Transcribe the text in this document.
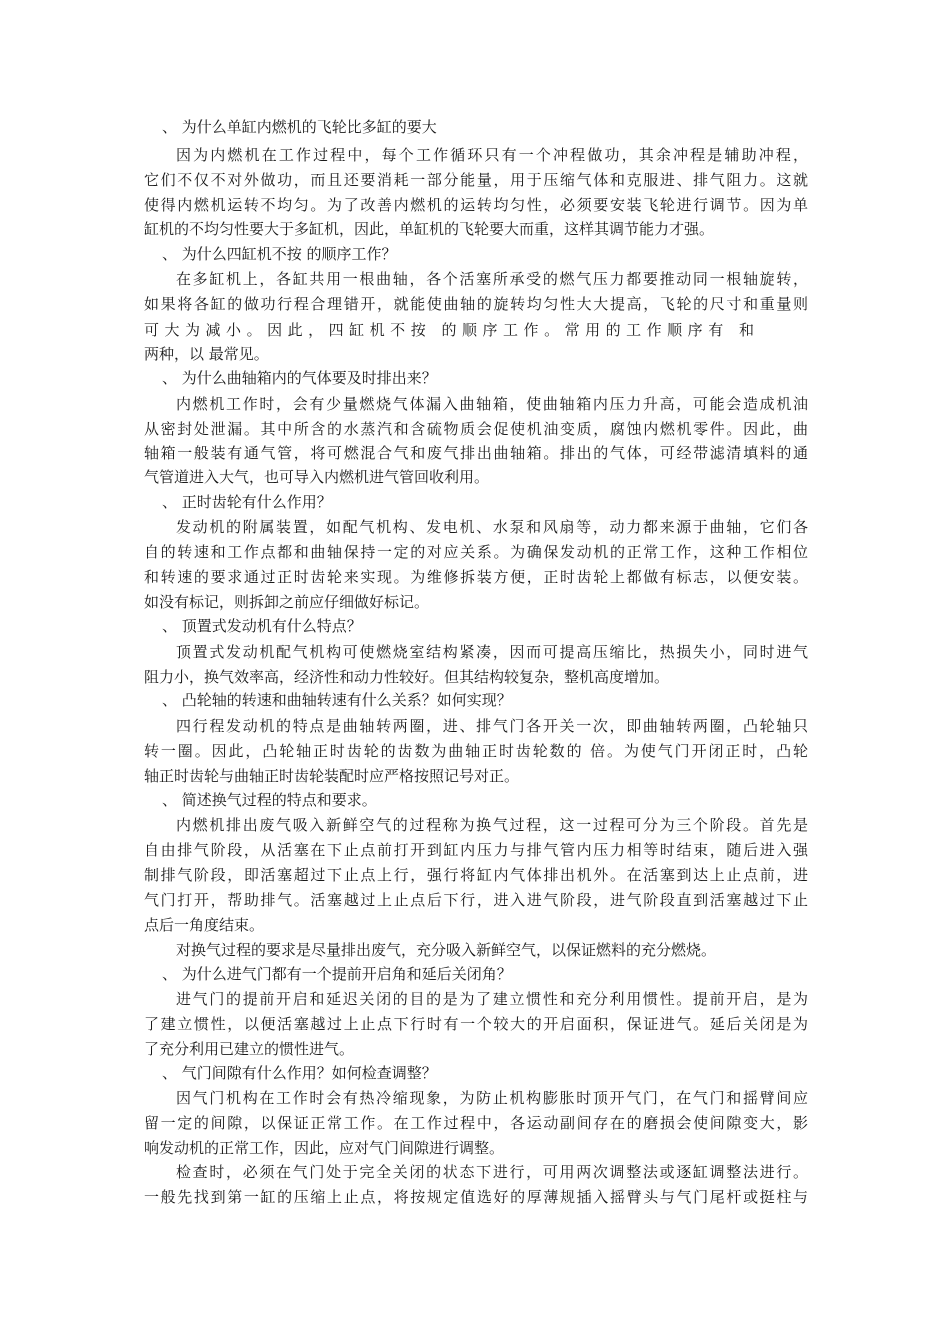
、 为什么单缸内燃机的飞轮比多缸的要大
因为内燃机在工作过程中，每个工作循环只有一个冲程做功，其余冲程是辅助冲程，
它们不仅不对外做功，而且还要消耗一部分能量，用于压缩气体和克服进、排气阻力。这就
使得内燃机运转不均匀。为了改善内燃机的运转均匀性，必须要安装飞轮进行调节。因为单
缸机的不均匀性要大于多缸机，因此，单缸机的飞轮要大而重，这样其调节能力才强。
、 为什么四缸机不按 的顺序工作？
在多缸机上，各缸共用一根曲轴，各个活塞所承受的燃气压力都要推动同一根轴旋转，
如果将各缸的做功行程合理错开，就能使曲轴的旋转均匀性大大提高，飞轮的尺寸和重量则
可大为减小。因此，四缸机不按 的顺序工作。常用的工作顺序有 和
两种，以 最常见。
、 为什么曲轴箱内的气体要及时排出来？
内燃机工作时，会有少量燃烧气体漏入曲轴箱，使曲轴箱内压力升高，可能会造成机油
从密封处泄漏。其中所含的水蒸汽和含硫物质会促使机油变质，腐蚀内燃机零件。因此，曲
轴箱一般装有通气管，将可燃混合气和废气排出曲轴箱。排出的气体，可经带滤清填料的通
气管道进入大气，也可导入内燃机进气管回收利用。
、 正时齿轮有什么作用？
发动机的附属装置，如配气机构、发电机、水泵和风扇等，动力都来源于曲轴，它们各
自的转速和工作点都和曲轴保持一定的对应关系。为确保发动机的正常工作，这种工作相位
和转速的要求通过正时齿轮来实现。为维修拆装方便，正时齿轮上都做有标志，以便安装。
如没有标记，则拆卸之前应仔细做好标记。
、 顶置式发动机有什么特点？
顶置式发动机配气机构可使燃烧室结构紧凑，因而可提高压缩比，热损失小，同时进气
阻力小，换气效率高，经济性和动力性较好。但其结构较复杂，整机高度增加。
、 凸轮轴的转速和曲轴转速有什么关系？如何实现？
四行程发动机的特点是曲轴转两圈，进、排气门各开关一次，即曲轴转两圈，凸轮轴只
转一圈。因此，凸轮轴正时齿轮的齿数为曲轴正时齿轮数的 倍。为使气门开闭正时，凸轮
轴正时齿轮与曲轴正时齿轮装配时应严格按照记号对正。
、 简述换气过程的特点和要求。
内燃机排出废气吸入新鲜空气的过程称为换气过程，这一过程可分为三个阶段。首先是
自由排气阶段，从活塞在下止点前打开到缸内压力与排气管内压力相等时结束，随后进入强
制排气阶段，即活塞超过下止点上行，强行将缸内气体排出机外。在活塞到达上止点前，进
气门打开，帮助排气。活塞越过上止点后下行，进入进气阶段，进气阶段直到活塞越过下止
点后一角度结束。
对换气过程的要求是尽量排出废气，充分吸入新鲜空气，以保证燃料的充分燃烧。
、 为什么进气门都有一个提前开启角和延后关闭角？
进气门的提前开启和延迟关闭的目的是为了建立惯性和充分利用惯性。提前开启，是为
了建立惯性，以便活塞越过上止点下行时有一个较大的开启面积，保证进气。延后关闭是为
了充分利用已建立的惯性进气。
、 气门间隙有什么作用？如何检查调整？
因气门机构在工作时会有热冷缩现象，为防止机构膨胀时顶开气门，在气门和摇臂间应
留一定的间隙，以保证正常工作。在工作过程中，各运动副间存在的磨损会使间隙变大，影
响发动机的正常工作，因此，应对气门间隙进行调整。
检查时，必须在气门处于完全关闭的状态下进行，可用两次调整法或逐缸调整法进行。
一般先找到第一缸的压缩上止点，将按规定值选好的厚薄规插入摇臂头与气门尾杆或挺柱与
